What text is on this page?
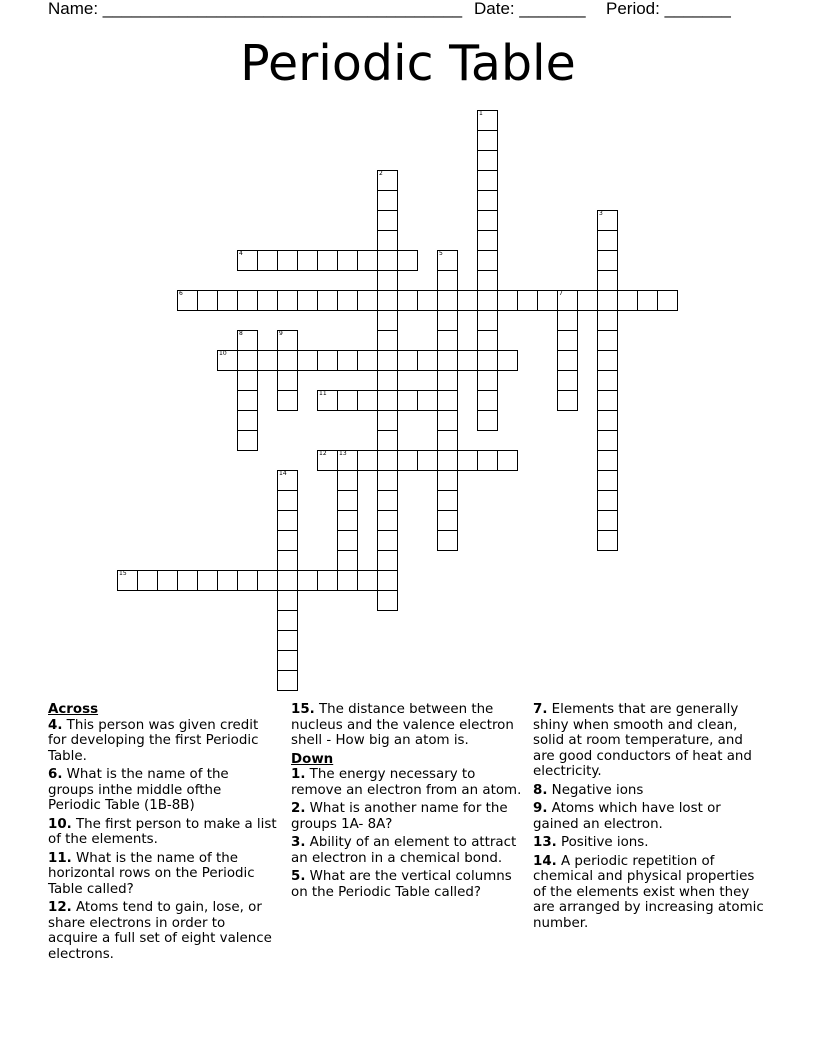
Name: ______________________________________ Date: _______ Period: _______
Periodic Table
1
2
3
4	5
6	7
8	9
10
11
12 13
14
15
Across
4. This person was given credit for developing the first Periodic Table.
6. What is the name of the groups inthe middle ofthe Periodic Table (1B-8B)
10. The first person to make a list of the elements.
11. What is the name of the horizontal rows on the Periodic Table called?
12. Atoms tend to gain, lose, or share electrons in order to acquire a full set of eight valence electrons.
15. The distance between the nucleus and the valence electron shell - How big an atom is.
Down
1. The energy necessary to remove an electron from an atom.
2. What is another name for the groups 1A- 8A?
3. Ability of an element to attract an electron in a chemical bond.
5. What are the vertical columns on the Periodic Table called?
7. Elements that are generally shiny when smooth and clean, solid at room temperature, and are good conductors of heat and electricity.
8. Negative ions
9. Atoms which have lost or gained an electron.
13. Positive ions.
14. A periodic repetition of chemical and physical properties of the elements exist when they are arranged by increasing atomic number.
